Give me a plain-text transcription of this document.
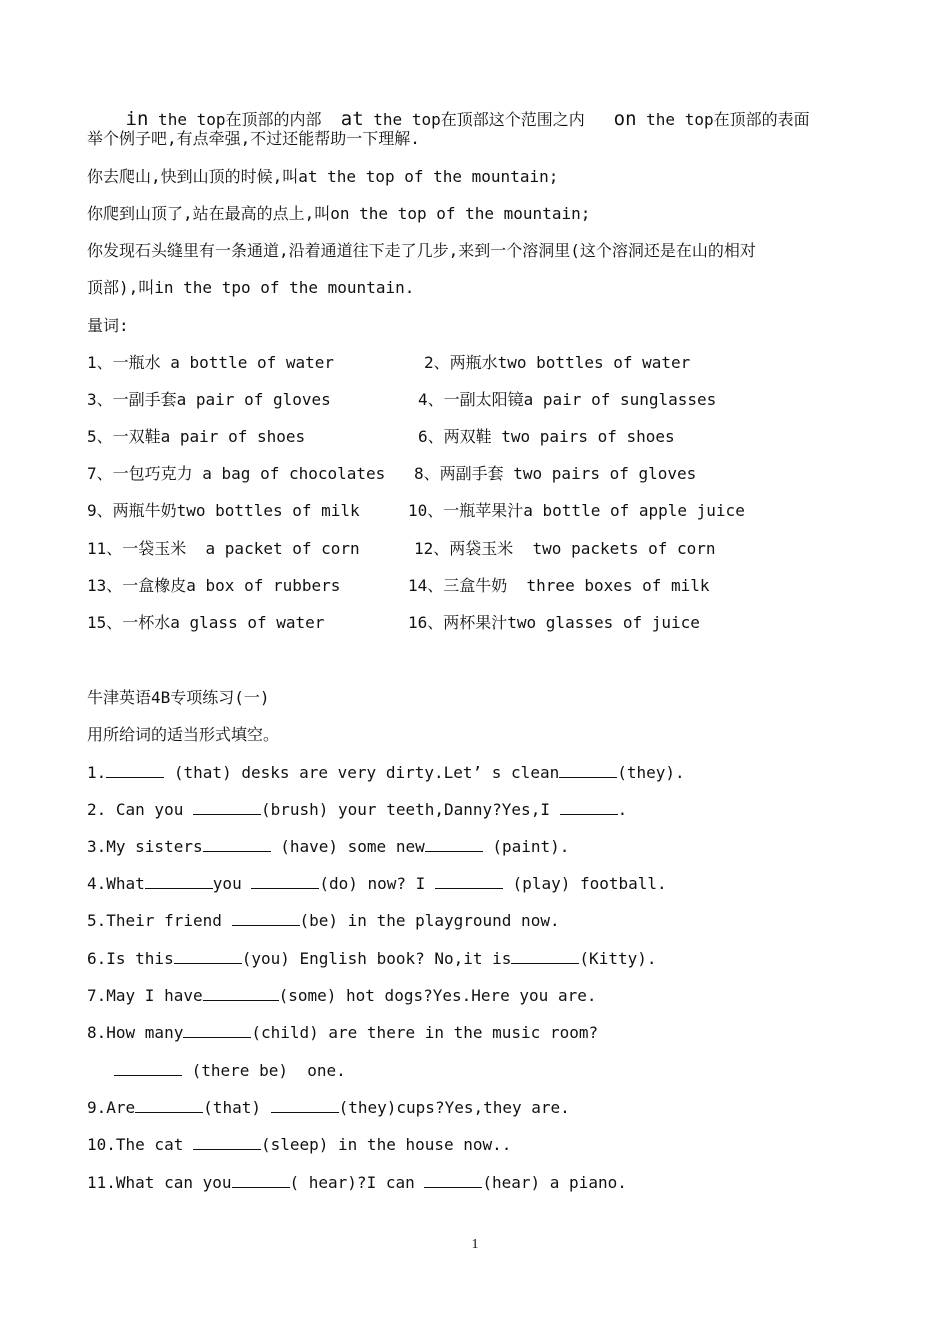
in the top在顶部的内部 at the top在顶部这个范围之内 on the top在顶部的表面

举个例子吧,有点牵强,不过还能帮助一下理解.
你去爬山,快到山顶的时候,叫at the top of the mountain;
你爬到山顶了,站在最高的点上,叫on the top of the mountain;
你发现石头缝里有一条通道,沿着通道往下走了几步,来到一个溶洞里(这个溶洞还是在山的相对
顶部),叫in the tpo of the mountain.
量词:
1、一瓶水 a bottle of water	2、两瓶水two bottles of water
3、一副手套a pair of gloves	4、一副太阳镜a pair of sunglasses
5、一双鞋a pair of shoes	6、两双鞋 two pairs of shoes
7、一包巧克力 a bag of chocolates 8、两副手套 two pairs of gloves
9、两瓶牛奶two bottles of milk	10、一瓶苹果汁a bottle of apple juice
11、一袋玉米  a packet of corn	12、两袋玉米  two packets of corn
13、一盒橡皮a box of rubbers	14、三盒牛奶  three boxes of milk
15、一杯水a glass of water	16、两杯果汁two glasses of juice
牛津英语4B专项练习(一)
用所给词的适当形式填空。
1.	(that) desks are very dirty.Let’ s clean	(they).
2. Can you	(brush) your teeth,Danny?Yes,I	.
3.My sisters	(have) some new	(paint).
4.What	you	(do) now? I	(play) football.
5.Their friend	(be) in the playground now.
6.Is this	(you) English book? No,it is	(Kitty).
7.May I have	(some) hot dogs?Yes.Here you are.
8.How many	(child) are there in the music room?
(there be)  one.
9.Are	(that)	(they)cups?Yes,they are.
10.The cat	(sleep) in the house now..
11.What can you	( hear)?I can	(hear) a piano.
1
